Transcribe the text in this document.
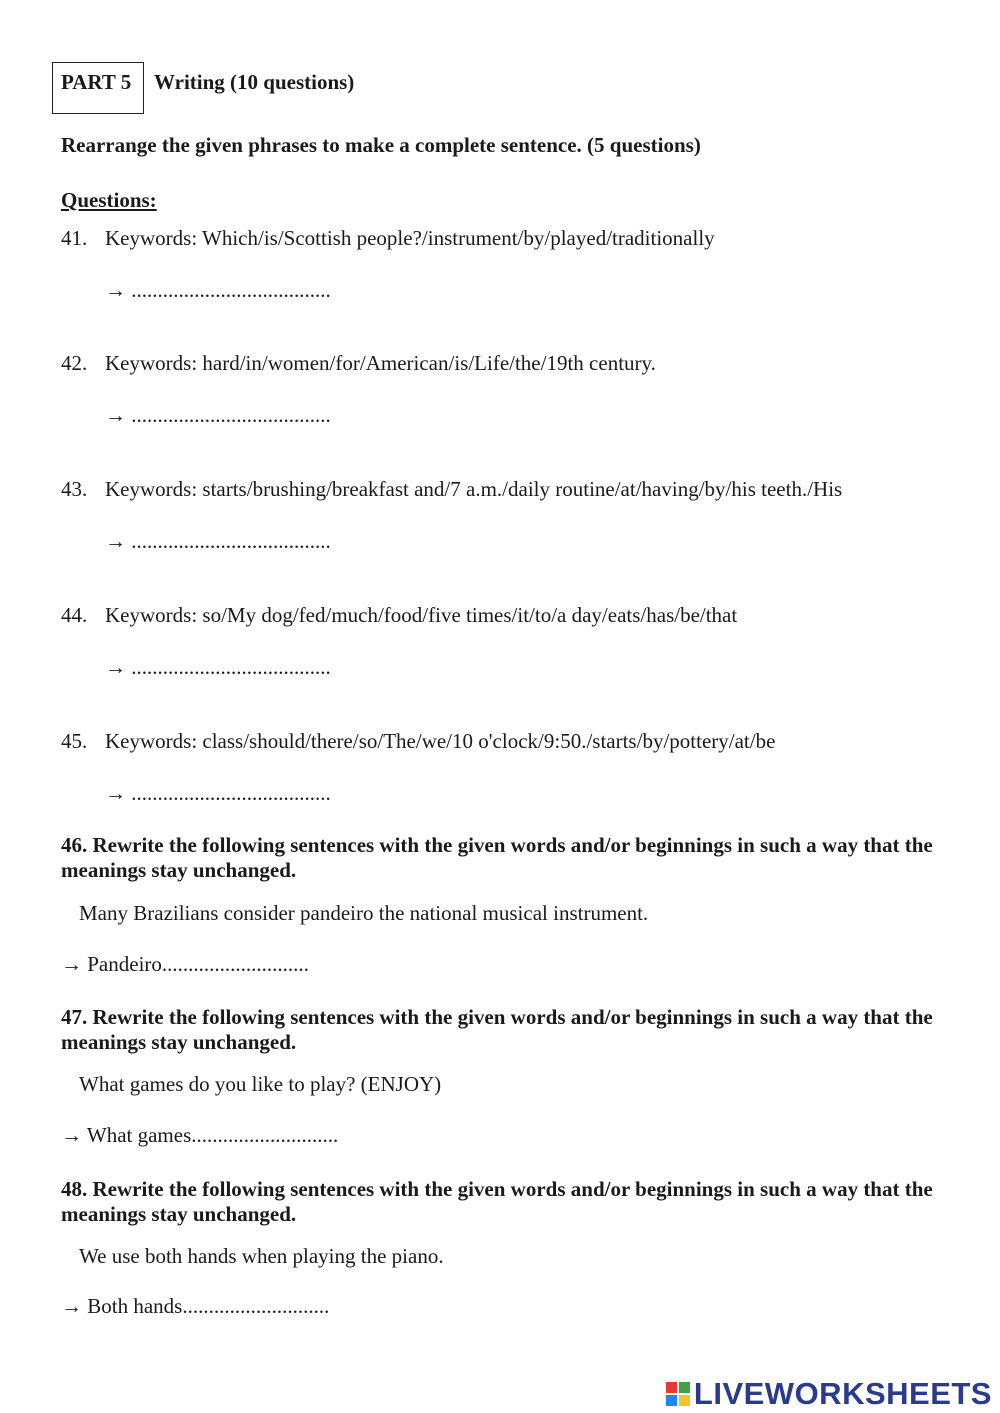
PART 5 Writing (10 questions)
Rearrange the given phrases to make a complete sentence. (5 questions)
Questions:
41. Keywords: Which/is/Scottish people?/instrument/by/played/traditionally
→ ......................................
42. Keywords: hard/in/women/for/American/is/Life/the/19th century.
→ ......................................
43. Keywords: starts/brushing/breakfast and/7 a.m./daily routine/at/having/by/his teeth./His
→ ......................................
44. Keywords: so/My dog/fed/much/food/five times/it/to/a day/eats/has/be/that
→ ......................................
45. Keywords: class/should/there/so/The/we/10 o'clock/9:50./starts/by/pottery/at/be
→ ......................................
46. Rewrite the following sentences with the given words and/or beginnings in such a way that the meanings stay unchanged.
Many Brazilians consider pandeiro the national musical instrument.
→ Pandeiro............................
47. Rewrite the following sentences with the given words and/or beginnings in such a way that the meanings stay unchanged.
What games do you like to play? (ENJOY)
→ What games............................
48. Rewrite the following sentences with the given words and/or beginnings in such a way that the meanings stay unchanged.
We use both hands when playing the piano.
→ Both hands............................
LIVEWORKSHEETS
